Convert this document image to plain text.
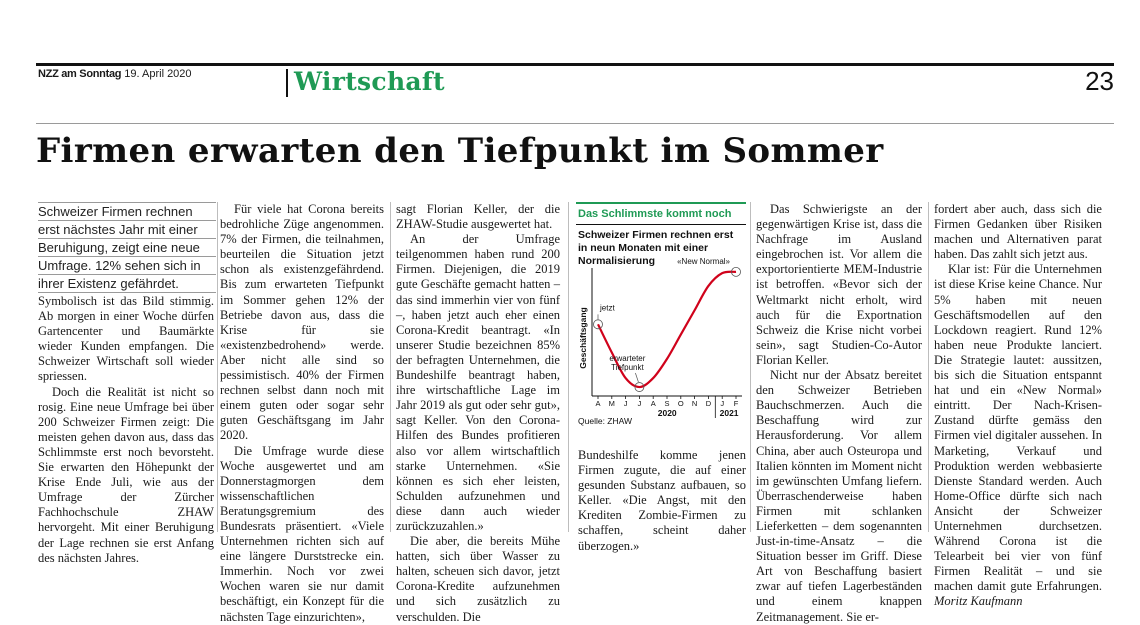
NZZ am Sonntag 19. April 2020	Wirtschaft	23
Firmen erwarten den Tiefpunkt im Sommer
Schweizer Firmen rechnen
erst nächstes Jahr mit einer
Beruhigung, zeigt eine neue
Umfrage. 12% sehen sich in
ihrer Existenz gefährdet.

Symbolisch ist das Bild stimmig. Ab morgen in einer Woche dürfen Gartencenter und Baumärkte wieder Kunden empfangen. Die Schweizer Wirtschaft soll wieder spriessen.

Doch die Realität ist nicht so rosig. Eine neue Umfrage bei über 200 Schweizer Firmen zeigt: Die meisten gehen davon aus, dass das Schlimmste erst noch bevorsteht. Sie erwarten den Höhepunkt der Krise Ende Juli, wie aus der Umfrage der Zürcher Fachhochschule ZHAW hervorgeht. Mit einer Beruhigung der Lage rechnen sie erst Anfang des nächsten Jahres.

Für viele hat Corona bereits bedrohliche Züge angenommen. 7% der Firmen, die teilnahmen, beurteilen die Situation jetzt schon als existenzgefährdend. Bis zum erwarteten Tiefpunkt im Sommer gehen 12% der Betriebe davon aus, dass die Krise für sie «existenzbedrohend» werde. Aber nicht alle sind so pessimistisch. 40% der Firmen rechnen selbst dann noch mit einem guten oder sogar sehr guten Geschäftsgang im Jahr 2020.

Die Umfrage wurde diese Woche ausgewertet und am Donnerstagmorgen dem wissenschaftlichen Beratungsgremium des Bundesrats präsentiert. «Viele Unternehmen richten sich auf eine längere Durststrecke ein. Immerhin. Noch vor zwei Wochen waren sie nur damit beschäftigt, ein Konzept für die nächsten Tage einzurichten»,

sagt Florian Keller, der die ZHAW-Studie ausgewertet hat.

An der Umfrage teilgenommen haben rund 200 Firmen. Diejenigen, die 2019 gute Geschäfte gemacht hatten – das sind immerhin vier von fünf –, haben jetzt auch eher einen Corona-Kredit beantragt. «In unserer Studie bezeichnen 85% der befragten Unternehmen, die Bundeshilfe beantragt haben, ihre wirtschaftliche Lage im Jahr 2019 als gut oder sehr gut», sagt Keller. Von den Corona-Hilfen des Bundes profitieren also vor allem wirtschaftlich starke Unternehmen. «Sie können es sich eher leisten, Schulden aufzunehmen und diese dann auch wieder zurückzuzahlen.»

Die aber, die bereits Mühe hatten, sich über Wasser zu halten, scheuen sich davor, jetzt Corona-Kredite aufzunehmen und sich zusätzlich zu verschulden. Die

Bundeshilfe komme jenen Firmen zugute, die auf einer gesunden Substanz aufbauen, so Keller. «Die Angst, mit den Krediten Zombie-Firmen zu schaffen, scheint daher überzogen.»

Das Schwierigste an der gegenwärtigen Krise ist, dass die Nachfrage im Ausland eingebrochen ist. Vor allem die exportorientierte MEM-Industrie ist betroffen. «Bevor sich der Weltmarkt nicht erholt, wird auch für die Exportnation Schweiz die Krise nicht vorbei sein», sagt Studien-Co-Autor Florian Keller.

Nicht nur der Absatz bereitet den Schweizer Betrieben Bauchschmerzen. Auch die Beschaffung wird zur Herausforderung. Vor allem China, aber auch Osteuropa und Italien könnten im Moment nicht im gewünschten Umfang liefern. Überraschenderweise haben Firmen mit schlanken Lieferketten – dem sogenannten Just-in-time-Ansatz – die Situation besser im Griff. Diese Art von Beschaffung basiert zwar auf tiefen Lagerbeständen und einem knappen Zeitmanagement. Sie er-

fordert aber auch, dass sich die Firmen Gedanken über Risiken machen und Alternativen parat haben. Das zahlt sich jetzt aus.

Klar ist: Für die Unternehmen ist diese Krise keine Chance. Nur 5% haben mit neuen Geschäftsmodellen auf den Lockdown reagiert. Rund 12% haben neue Produkte lanciert. Die Strategie lautet: aussitzen, bis sich die Situation entspannt hat und ein «New Normal» eintritt. Der Nach-Krisen-Zustand dürfte gemäss den Firmen viel digitaler aussehen. In Marketing, Verkauf und Produktion werden webbasierte Dienste Standard werden. Auch Home-Office dürfte sich nach Ansicht der Schweizer Unternehmen durchsetzen. Während Corona ist die Telearbeit bei vier von fünf Firmen Realität – und sie machen damit gute Erfahrungen. Moritz Kaufmann

Das Schlimmste kommt noch
Schweizer Firmen rechnen erst in neun Monaten mit einer Normalisierung
Geschäftsgang
A M J J A S O N D J F
2020	2021
jetzt
erwarteter
Tiefpunkt
«New Normal»
Quelle: ZHAW
